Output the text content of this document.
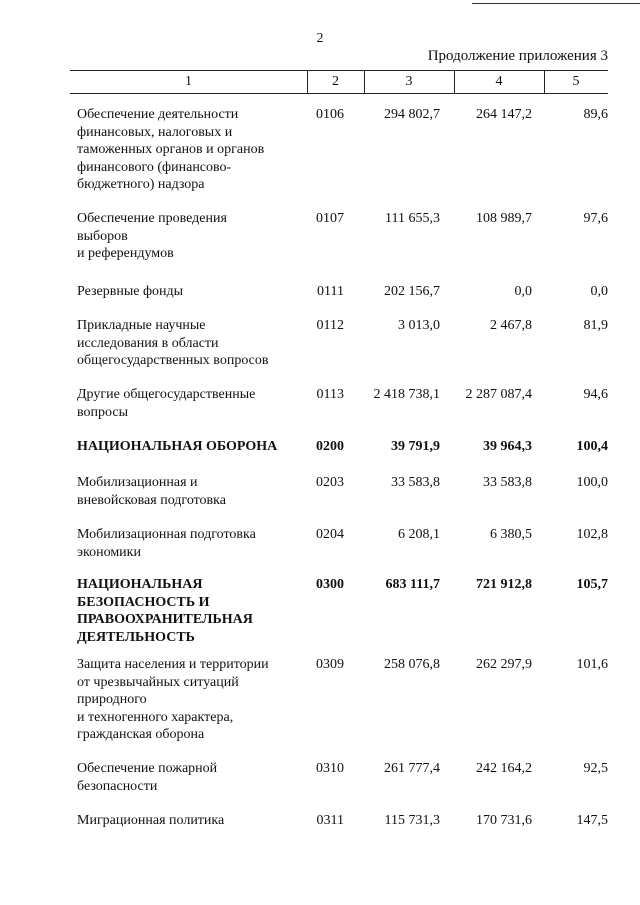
2
Продолжение приложения 3
1	2	3	4	5
Обеспечение деятельности
финансовых, налоговых и
таможенных органов и органов
финансового (финансово-
бюджетного) надзора
0106	294 802,7	264 147,2	89,6
Обеспечение проведения
выборов
и референдумов
0107	111 655,3	108 989,7	97,6
Резервные фонды	0111	202 156,7	0,0	0,0
Прикладные научные
исследования в области
общегосударственных вопросов
0112	3 013,0	2 467,8	81,9
Другие общегосударственные
вопросы
0113	2 418 738,1	2 287 087,4	94,6
НАЦИОНАЛЬНАЯ ОБОРОНА	0200	39 791,9	39 964,3	100,4
Мобилизационная и
вневойсковая подготовка
0203	33 583,8	33 583,8	100,0
Мобилизационная подготовка
экономики
0204	6 208,1	6 380,5	102,8
НАЦИОНАЛЬНАЯ
БЕЗОПАСНОСТЬ И
ПРАВООХРАНИТЕЛЬНАЯ
ДЕЯТЕЛЬНОСТЬ
0300	683 111,7	721 912,8	105,7
Защита населения и территории
от чрезвычайных ситуаций
природного
и техногенного характера,
гражданская оборона
0309	258 076,8	262 297,9	101,6
Обеспечение пожарной
безопасности
0310	261 777,4	242 164,2	92,5
Миграционная политика	0311	115 731,3	170 731,6	147,5
